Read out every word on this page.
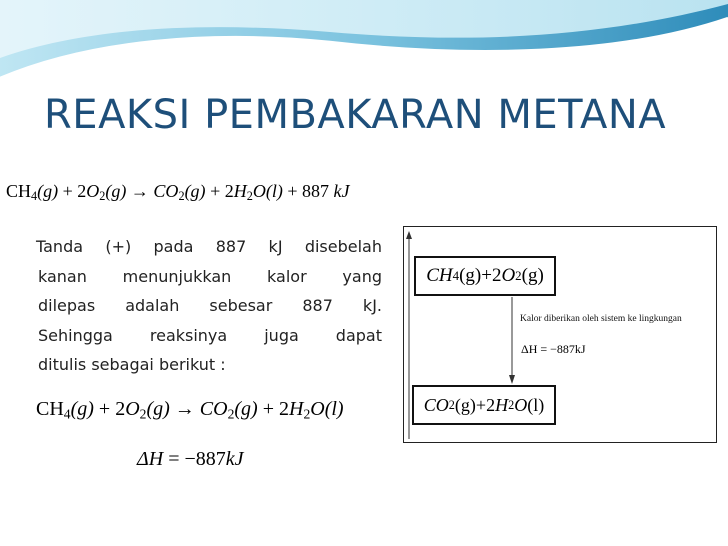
REAKSI PEMBAKARAN METANA
$CH_4(g) + 2O_2(g) \to CO_2(g) + 2H_2O(l) + 887$ kJ
Tanda (+) pada 887 kJ disebelah
kanan menunjukkan kalor yang
dilepas adalah sebesar 887 kJ.
Sehingga reaksinya juga dapat
ditulis sebagai berikut :
$CH_4(g) + 2O_2(g) \to CO_2(g) + 2H_2O(l)$
ΔH = −887kJ
CH 4 (g) + 2 O 2 (g)
Kalor diberikan oleh sistem ke lingkungan
ΔH = −887kJ
CO 2 (g) + 2 H 2 O (l)
